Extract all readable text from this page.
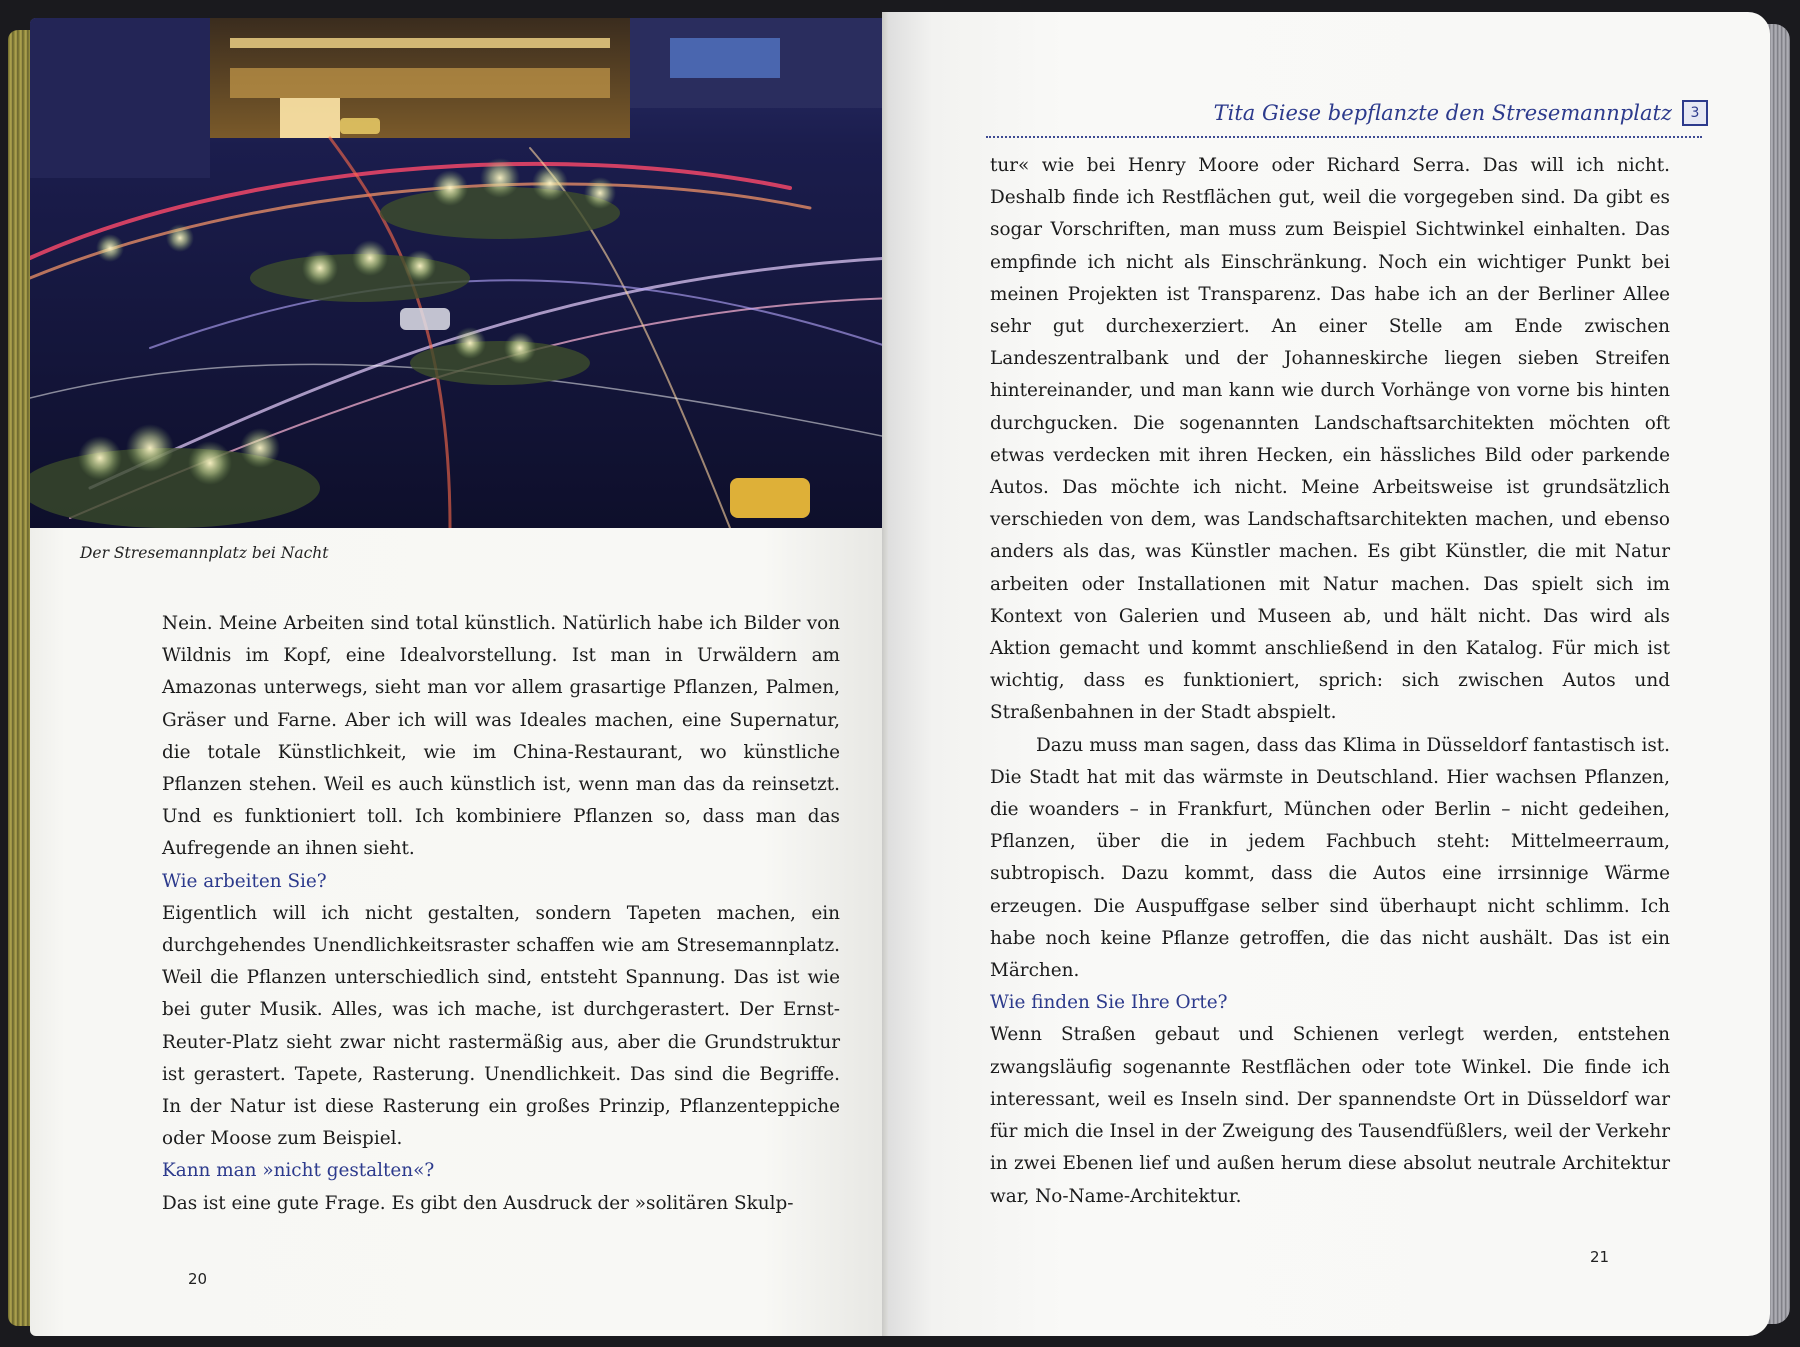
Der Stresemannplatz bei Nacht

Nein. Meine Arbeiten sind total künstlich. Natürlich habe ich Bilder von Wildnis im Kopf, eine Idealvorstellung. Ist man in Urwäldern am Amazonas unterwegs, sieht man vor allem grasartige Pflanzen, Palmen, Gräser und Farne. Aber ich will was Ideales machen, eine Supernatur, die totale Künstlichkeit, wie im China-Restaurant, wo künstliche Pflanzen stehen. Weil es auch künstlich ist, wenn man das da reinsetzt. Und es funktioniert toll. Ich kombiniere Pflanzen so, dass man das Aufregende an ihnen sieht.

Wie arbeiten Sie?

Eigentlich will ich nicht gestalten, sondern Tapeten machen, ein durchgehendes Unendlichkeitsraster schaffen wie am Stresemannplatz. Weil die Pflanzen unterschiedlich sind, entsteht Spannung. Das ist wie bei guter Musik. Alles, was ich mache, ist durchgerastert. Der Ernst-Reuter-Platz sieht zwar nicht rastermäßig aus, aber die Grundstruktur ist gerastert. Tapete, Rasterung. Unendlichkeit. Das sind die Begriffe. In der Natur ist diese Rasterung ein großes Prinzip, Pflanzenteppiche oder Moose zum Beispiel.

Kann man »nicht gestalten«?

Das ist eine gute Frage. Es gibt den Ausdruck der »solitären Skulp-

20
Tita Giese bepflanzte den Stresemannplatz	3

tur« wie bei Henry Moore oder Richard Serra. Das will ich nicht. Deshalb finde ich Restflächen gut, weil die vorgegeben sind. Da gibt es sogar Vorschriften, man muss zum Beispiel Sichtwinkel einhalten. Das empfinde ich nicht als Einschränkung. Noch ein wichtiger Punkt bei meinen Projekten ist Transparenz. Das habe ich an der Berliner Allee sehr gut durchexerziert. An einer Stelle am Ende zwischen Landeszentralbank und der Johanneskirche liegen sieben Streifen hintereinander, und man kann wie durch Vorhänge von vorne bis hinten durchgucken. Die sogenannten Landschaftsarchitekten möchten oft etwas verdecken mit ihren Hecken, ein hässliches Bild oder parkende Autos. Das möchte ich nicht. Meine Arbeitsweise ist grundsätzlich verschieden von dem, was Landschaftsarchitekten machen, und ebenso anders als das, was Künstler machen. Es gibt Künstler, die mit Natur arbeiten oder Installationen mit Natur machen. Das spielt sich im Kontext von Galerien und Museen ab, und hält nicht. Das wird als Aktion gemacht und kommt anschließend in den Katalog. Für mich ist wichtig, dass es funktioniert, sprich: sich zwischen Autos und Straßenbahnen in der Stadt abspielt.

Dazu muss man sagen, dass das Klima in Düsseldorf fantastisch ist. Die Stadt hat mit das wärmste in Deutschland. Hier wachsen Pflanzen, die woanders – in Frankfurt, München oder Berlin – nicht gedeihen, Pflanzen, über die in jedem Fachbuch steht: Mittelmeerraum, subtropisch. Dazu kommt, dass die Autos eine irrsinnige Wärme erzeugen. Die Auspuffgase selber sind überhaupt nicht schlimm. Ich habe noch keine Pflanze getroffen, die das nicht aushält. Das ist ein Märchen.

Wie finden Sie Ihre Orte?

Wenn Straßen gebaut und Schienen verlegt werden, entstehen zwangsläufig sogenannte Restflächen oder tote Winkel. Die finde ich interessant, weil es Inseln sind. Der spannendste Ort in Düsseldorf war für mich die Insel in der Zweigung des Tausendfüßlers, weil der Verkehr in zwei Ebenen lief und außen herum diese absolut neutrale Architektur war, No-Name-Architektur.

21
